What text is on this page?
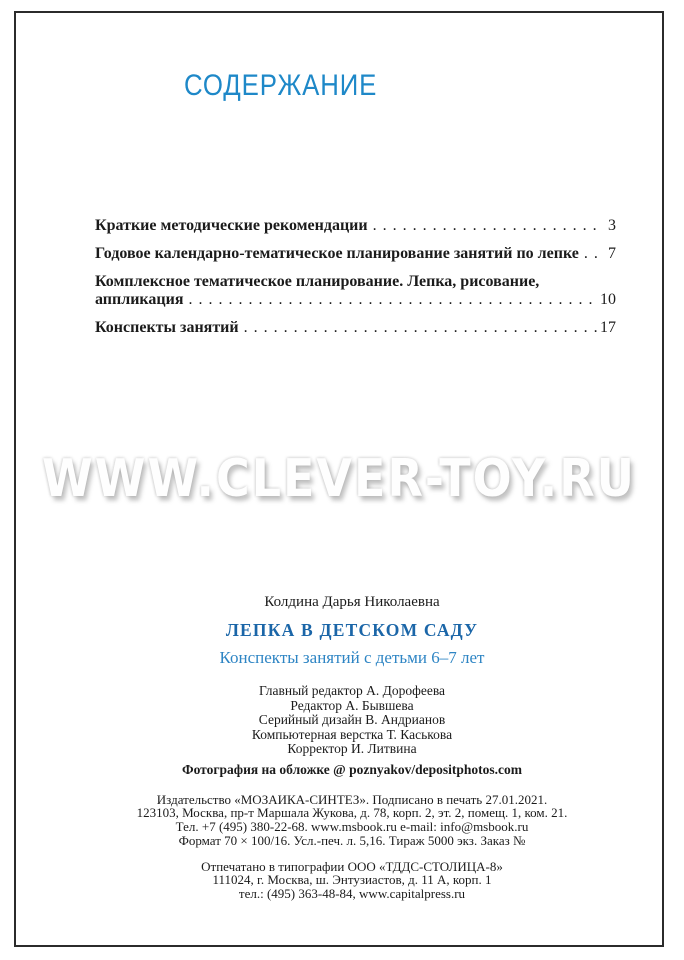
СОДЕРЖАНИЕ
Краткие методические рекомендации . . .	3
Годовое календарно-тематическое планирование занятий по лепке . . .	7
Комплексное тематическое планирование. Лепка, рисование,
аппликация . . .	10
Конспекты занятий . . .	17
WWW.CLEVER-TOY.RU
Колдина Дарья Николаевна
ЛЕПКА В ДЕТСКОМ САДУ
Конспекты занятий с детьми 6–7 лет
Главный редактор А. Дорофеева
Редактор А. Бывшева
Серийный дизайн В. Андрианов
Компьютерная верстка Т. Каськова
Корректор И. Литвина
Фотография на обложке @ poznyakov/depositphotos.com
Издательство «МОЗАИКА-СИНТЕЗ». Подписано в печать 27.01.2021.
123103, Москва, пр-т Маршала Жукова, д. 78, корп. 2, эт. 2, помещ. 1, ком. 21.
Тел. +7 (495) 380-22-68. www.msbook.ru e-mail: info@msbook.ru
Формат 70 × 100/16. Усл.-печ. л. 5,16. Тираж 5000 экз. Заказ №
Отпечатано в типографии ООО «ТДДС-СТОЛИЦА-8»
111024, г. Москва, ш. Энтузиастов, д. 11 А, корп. 1
тел.: (495) 363-48-84, www.capitalpress.ru
